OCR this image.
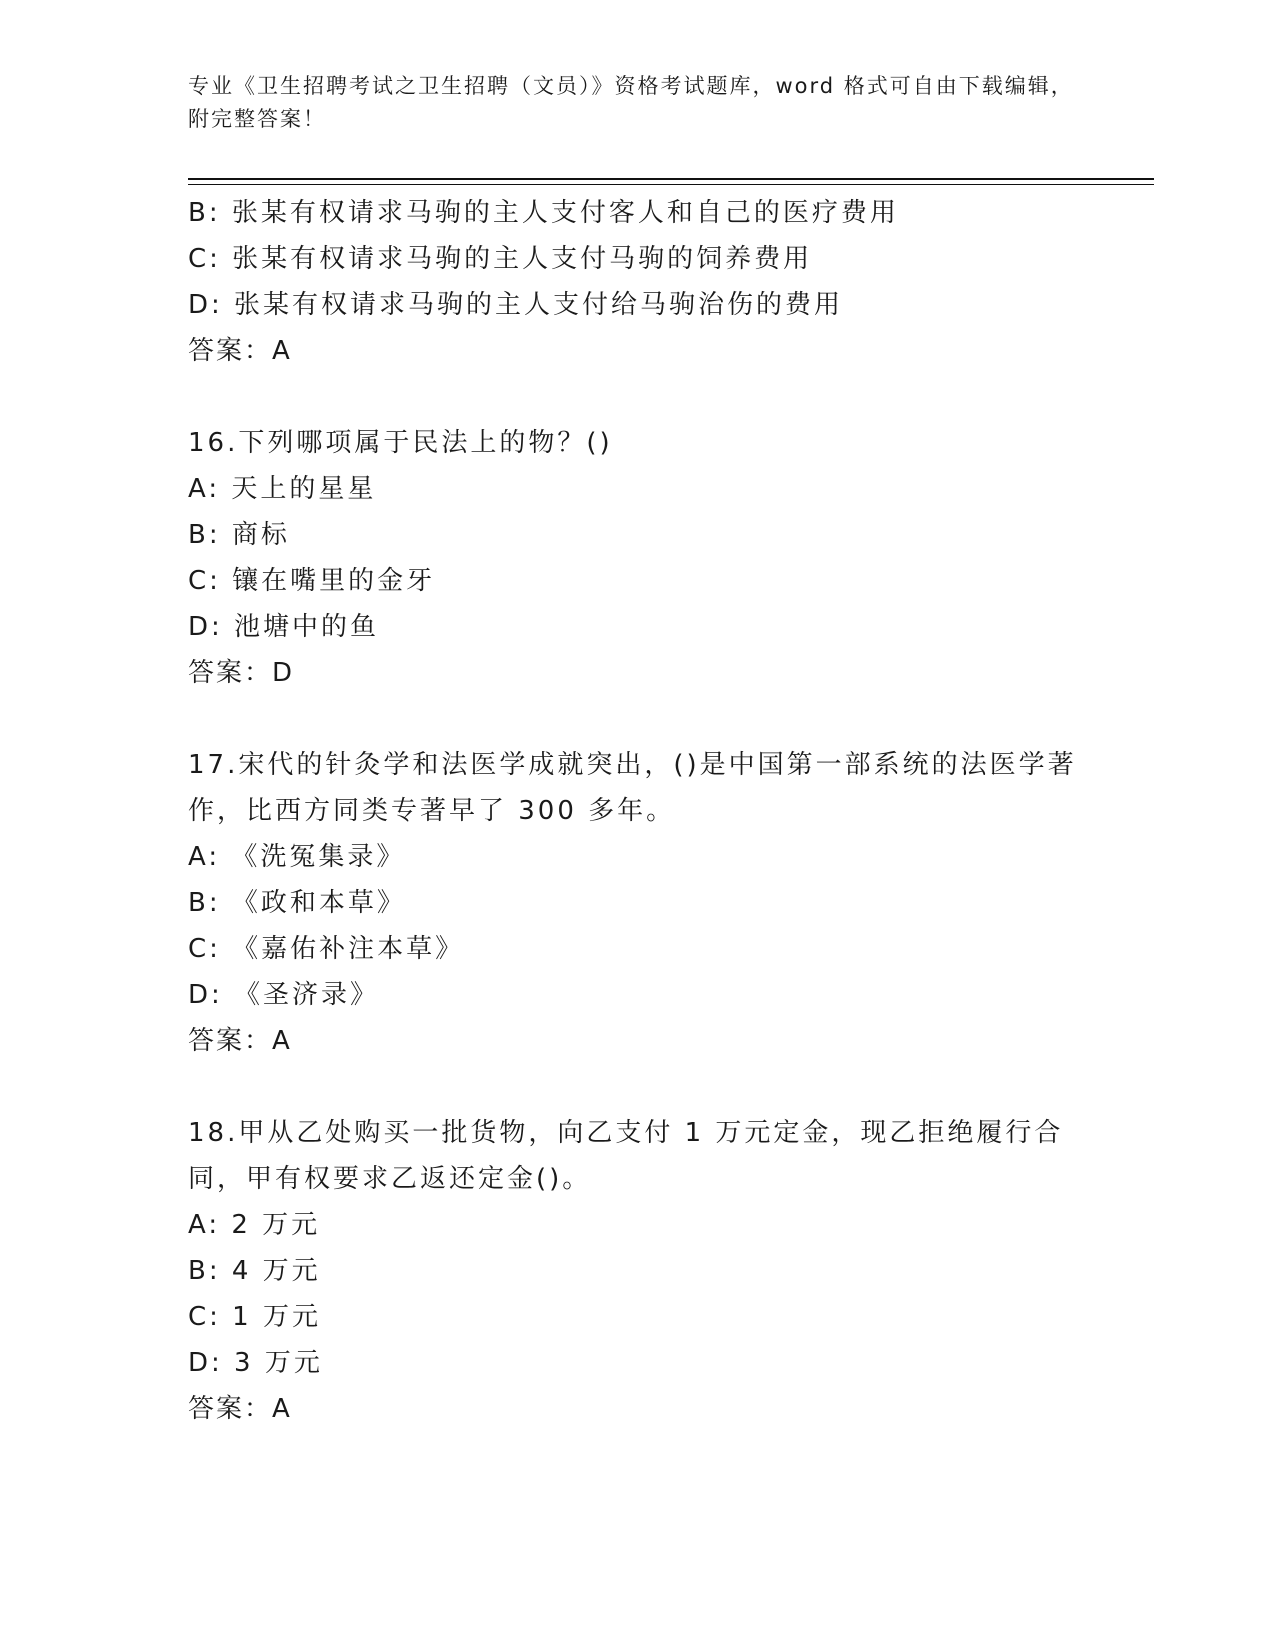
专业《卫生招聘考试之卫生招聘（文员）》资格考试题库，word 格式可自由下载编辑，附完整答案！
B: 张某有权请求马驹的主人支付客人和自己的医疗费用
C: 张某有权请求马驹的主人支付马驹的饲养费用
D: 张某有权请求马驹的主人支付给马驹治伤的费用
答案：A
16.下列哪项属于民法上的物？()
A: 天上的星星
B: 商标
C: 镶在嘴里的金牙
D: 池塘中的鱼
答案：D
17.宋代的针灸学和法医学成就突出，()是中国第一部系统的法医学著作，比西方同类专著早了 300 多年。
A: 《洗冤集录》
B: 《政和本草》
C: 《嘉佑补注本草》
D: 《圣济录》
答案：A
18.甲从乙处购买一批货物，向乙支付 1 万元定金，现乙拒绝履行合同，甲有权要求乙返还定金()。
A: 2 万元
B: 4 万元
C: 1 万元
D: 3 万元
答案：A
